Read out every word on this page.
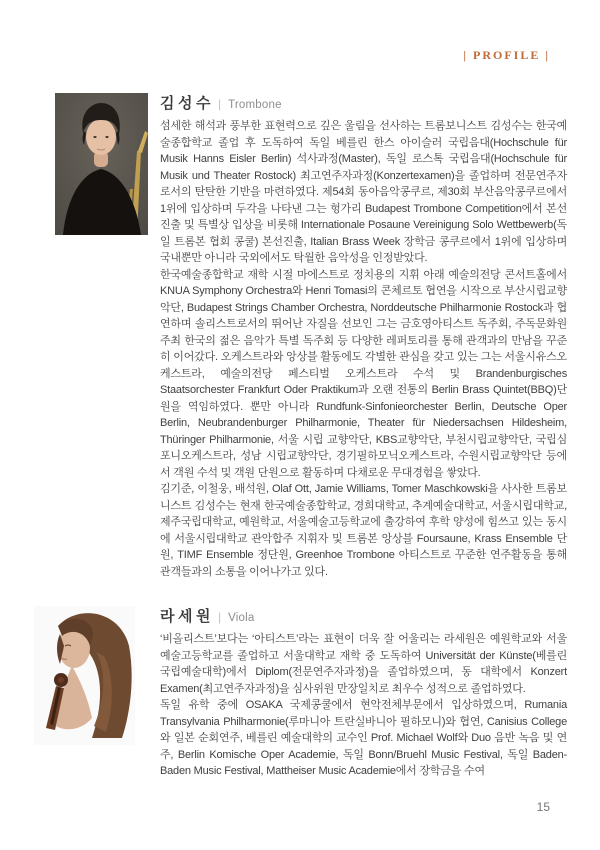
| PROFILE |
김성수 | Trombone

섬세한 해석과 풍부한 표현력으로 깊은 울림을 선사하는 트롬보니스트 김성수는 한국예술종합학교 졸업 후 도독하여 독일 베를린 한스 아이슬러 국립음대(Hochschule für Musik Hanns Eisler Berlin) 석사과정(Master), 독일 로스톡 국립음대(Hochschule für Musik und Theater Rostock) 최고연주자과정(Konzertexamen)을 졸업하며 전문연주자로서의 탄탄한 기반을 마련하였다. 제54회 동아음악콩쿠르, 제30회 부산음악콩쿠르에서 1위에 입상하며 두각을 나타낸 그는 헝가리 Budapest Trombone Competition에서 본선진출 및 특별상 입상을 비롯해 Internationale Posaune Vereinigung Solo Wettbewerb(독일 트롬본 협회 콩쿨) 본선진출, Italian Brass Week 장학금 콩쿠르에서 1위에 입상하며 국내뿐만 아니라 국외에서도 탁월한 음악성을 인정받았다.

한국예술종합학교 재학 시절 마에스트로 정치용의 지휘 아래 예술의전당 콘서트홀에서 KNUA Symphony Orchestra와 Henri Tomasi의 콘체르토 협연을 시작으로 부산시립교향악단, Budapest Strings Chamber Orchestra, Norddeutsche Philharmonie Rostock과 협연하며 솔리스트로서의 뛰어난 자질을 선보인 그는 금호영아티스트 독주회, 주독문화원 주최 한국의 젊은 음악가 특별 독주회 등 다양한 레퍼토리를 통해 관객과의 만남을 꾸준히 이어갔다. 오케스트라와 앙상블 활동에도 각별한 관심을 갖고 있는 그는 서울시유스오케스트라, 예술의전당 페스티벌 오케스트라 수석 및 Brandenburgisches Staatsorchester Frankfurt Oder Praktikum과 오랜 전통의 Berlin Brass Quintet(BBQ)단원을 역임하였다. 뿐만 아니라 Rundfunk-Sinfonieorchester Berlin, Deutsche Oper Berlin, Neubrandenburger Philharmonie, Theater für Niedersachsen Hildesheim, Thüringer Philharmonie, 서울 시립 교향악단, KBS교향악단, 부천시립교향악단, 국립심포니오케스트라, 성남 시립교향악단, 경기필하모닉오케스트라, 수원시립교향악단 등에서 객원 수석 및 객원 단원으로 활동하며 다채로운 무대경험을 쌓았다.

김기준, 이철웅, 배석원, Olaf Ott, Jamie Williams, Tomer Maschkowski을 사사한 트롬보니스트 김성수는 현재 한국예술종합학교, 경희대학교, 추계예술대학교, 서울시립대학교, 제주국립대학교, 예원학교, 서울예술고등학교에 출강하여 후학 양성에 힘쓰고 있는 동시에 서울시립대학교 관악합주 지휘자 및 트롬본 앙상블 Foursaune, Krass Ensemble 단원, TIMF Ensemble 정단원, Greenhoe Trombone 아티스트로 꾸준한 연주활동을 통해 관객들과의 소통을 이어나가고 있다.

라세원 | Viola

‘비올리스트’보다는 ‘아티스트’라는 표현이 더욱 잘 어울리는 라세원은 예원학교와 서울예술고등학교를 졸업하고 서울대학교 재학 중 도독하여 Universität der Künste(베를린 국립예술대학)에서 Diplom(전문연주자과정)을 졸업하였으며, 동 대학에서 Konzert Examen(최고연주자과정)을 심사위원 만장일치로 최우수 성적으로 졸업하였다.

독일 유학 중에 OSAKA 국제콩쿨에서 현악전체부문에서 입상하였으며, Rumania Transylvania Philharmonie(루마니아 트란실바니아 필하모니)와 협연, Canisius College와 일본 순회연주, 베를린 예술대학의 교수인 Prof. Michael Wolf와 Duo 음반 녹음 및 연주, Berlin Komische Oper Academie, 독일 Bonn/Bruehl Music Festival, 독일 Baden-Baden Music Festival, Mattheiser Music Academie에서 장학금을 수여

15
